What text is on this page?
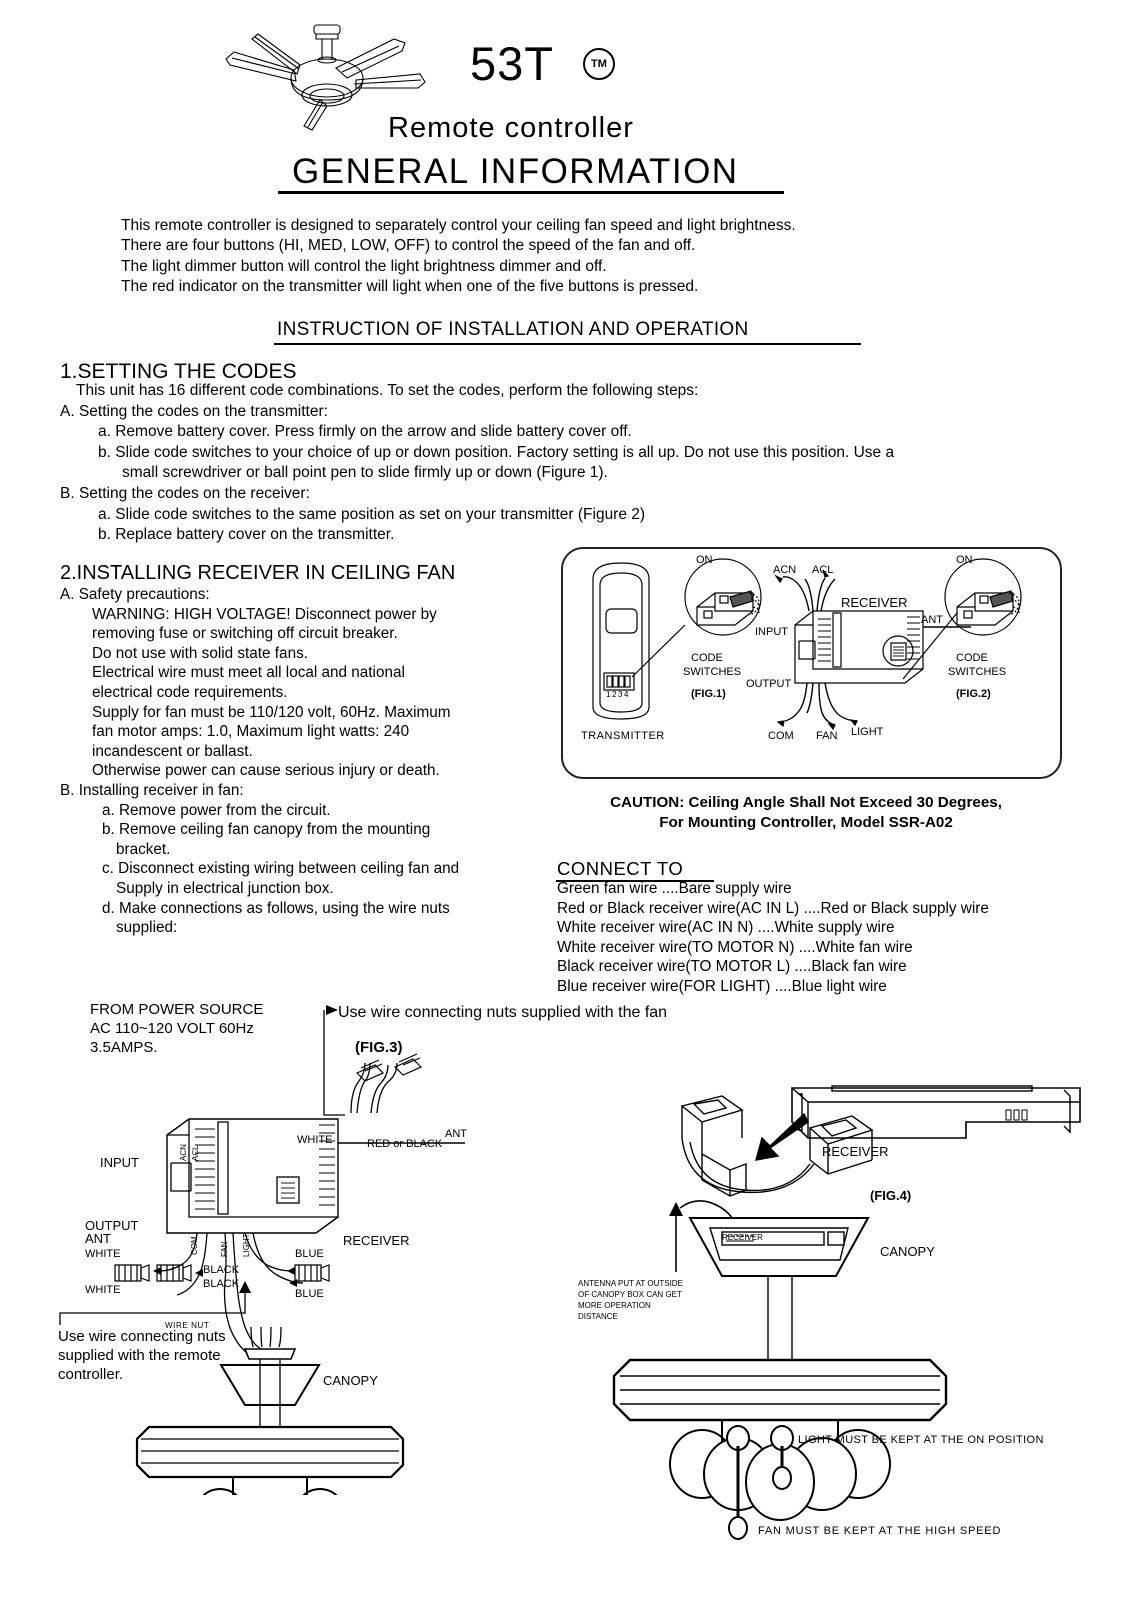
53T	TM
Remote controller
GENERAL INFORMATION
This remote controller is designed to separately control your ceiling fan speed and light brightness.
There are four buttons (HI, MED, LOW, OFF) to control the speed of the fan and off.
The light dimmer button will control the light brightness dimmer and off.
The red indicator on the transmitter will light when one of the five buttons is pressed.
INSTRUCTION OF INSTALLATION AND OPERATION
1.SETTING THE CODES
This unit has 16 different code combinations. To set the codes, perform the following steps:
A. Setting the codes on the transmitter:
a. Remove battery cover. Press firmly on the arrow and slide battery cover off.
b. Slide code switches to your choice of up or down position. Factory setting is all up. Do not use this position. Use a
small screwdriver or ball point pen to slide firmly up or down (Figure 1).
B. Setting the codes on the receiver:
a. Slide code switches to the same position as set on your transmitter (Figure 2)
b. Replace battery cover on the transmitter.
2.INSTALLING RECEIVER IN CEILING FAN
A. Safety precautions:
WARNING: HIGH VOLTAGE! Disconnect power by
removing fuse or switching off circuit breaker.
Do not use with solid state fans.
Electrical wire must meet all local and national
electrical code requirements.
Supply for fan must be 110/120 volt, 60Hz. Maximum
fan motor amps: 1.0, Maximum light watts: 240
incandescent or ballast.
Otherwise power can cause serious injury or death.
B. Installing receiver in fan:
a. Remove power from the circuit.
b. Remove ceiling fan canopy from the mounting
bracket.
c. Disconnect existing wiring between ceiling fan and
Supply in electrical junction box.
d. Make connections as follows, using the wire nuts
supplied:
TRANSMITTER
ON	ON
CODE
SWITCHES
(FIG.1)
CODE
SWITCHES
(FIG.2)
RECEIVER
INPUT
OUTPUT
ANT
ACN ACL
COM FAN LIGHT
1 2 3 4
CAUTION: Ceiling Angle Shall Not Exceed 30 Degrees,
For Mounting Controller, Model SSR-A02
CONNECT TO
Green fan wire ....Bare supply wire
Red or Black receiver wire(AC IN L) ....Red or Black supply wire
White receiver wire(AC IN N) ....White supply wire
White receiver wire(TO MOTOR N) ....White fan wire
Black receiver wire(TO MOTOR L) ....Black fan wire
Blue receiver wire(FOR LIGHT) ....Blue light wire
FROM POWER SOURCE
AC 110~120 VOLT 60Hz
3.5AMPS.
Use wire connecting nuts supplied with the fan
(FIG.3)
Use wire connecting nuts
supplied with the remote
controller.
WHITE	RED or BLACK
INPUT
ANT
ANT
RECEIVER
WHITE
WHITE
BLACK
BLACK
BLUE
BLUE
WIRE NUT
CANOPY
ACN ACL
COM	FAN LIGHT
OUTPUT
RECEIVER
(FIG.4)
CANOPY
RECEIVER
ANTENNA PUT AT OUTSIDE
OF CANOPY BOX CAN GET
MORE OPERATION
DISTANCE
LIGHT MUST BE KEPT AT THE ON POSITION
FAN MUST BE KEPT AT THE HIGH SPEED
